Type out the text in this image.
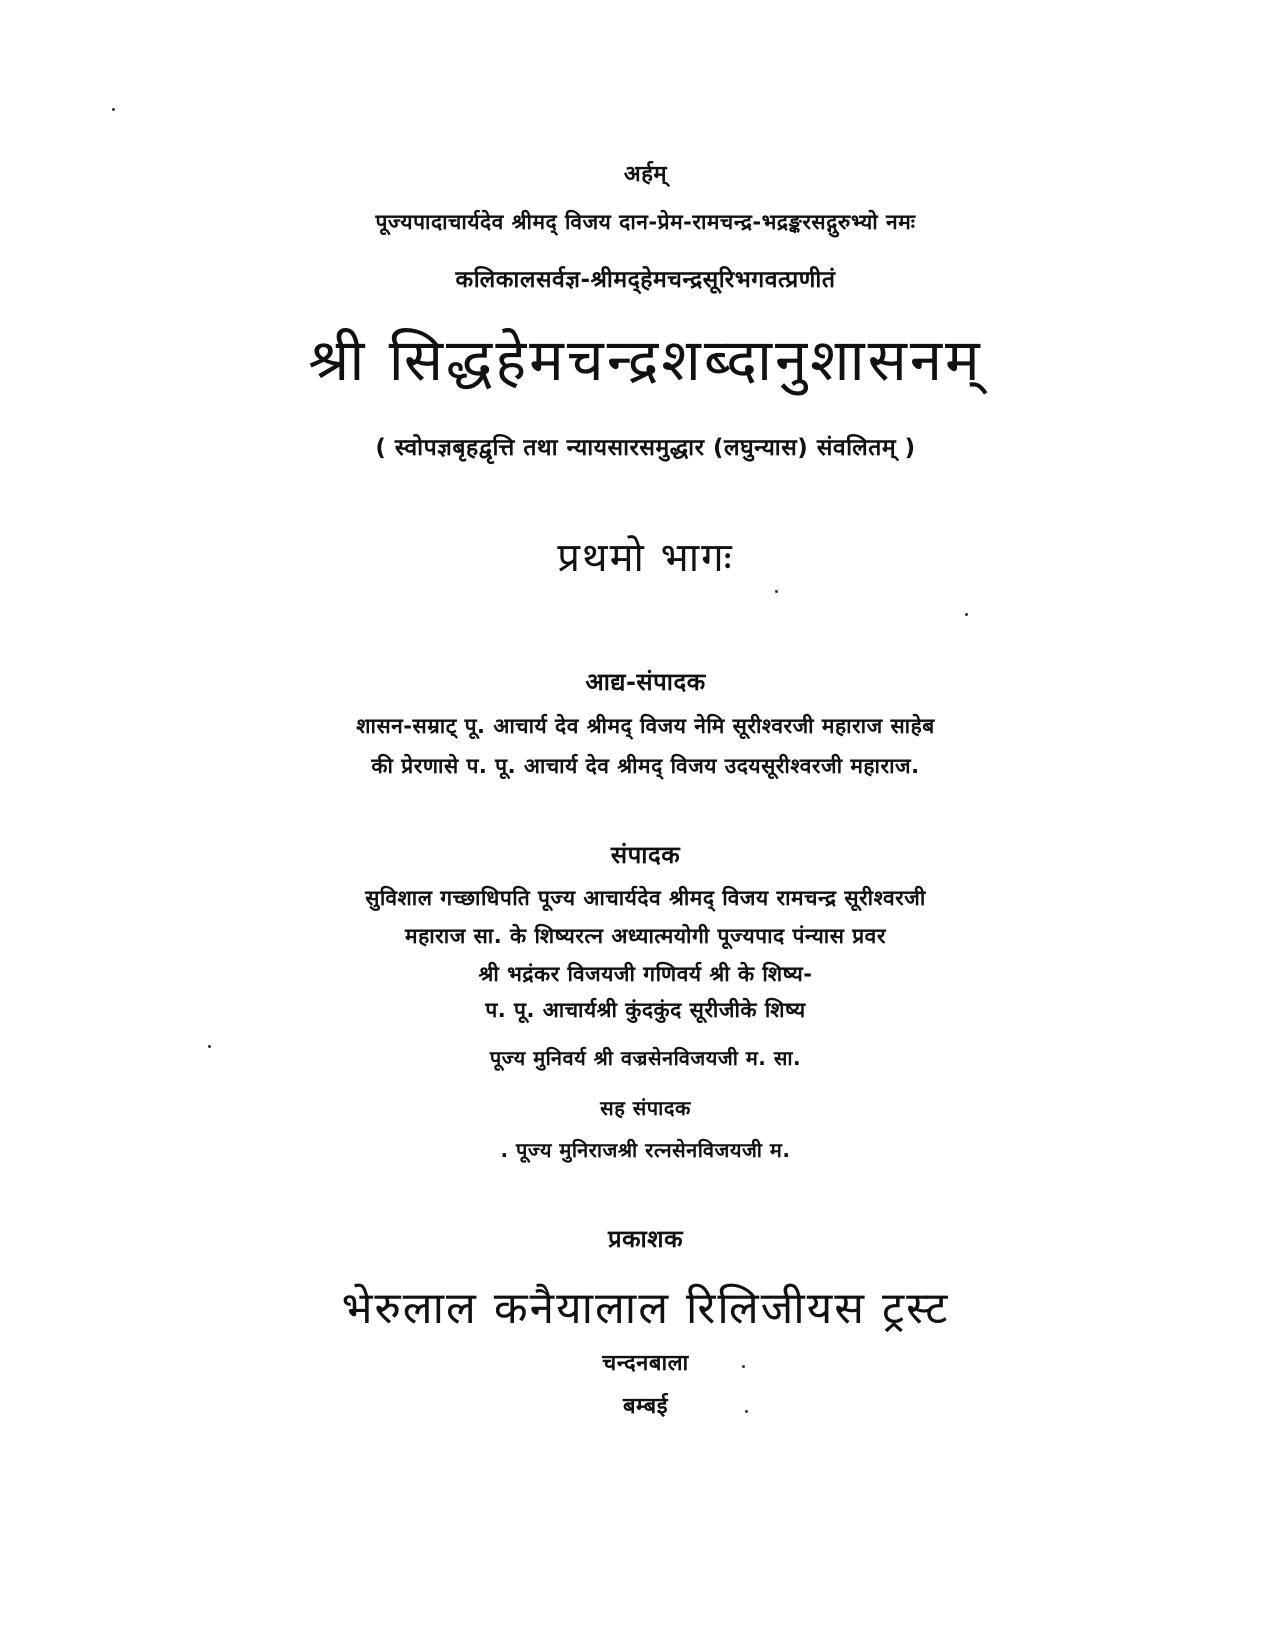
अर्हम्
पूज्यपादाचार्यदेव श्रीमद् विजय दान-प्रेम-रामचन्द्र-भद्रङ्करसद्गुरुभ्यो नमः
कलिकालसर्वज्ञ-श्रीमद्हेमचन्द्रसूरिभगवत्प्रणीतं
श्री सिद्धहेमचन्द्रशब्दानुशासनम्
( स्वोपज्ञबृहद्वृत्ति तथा न्यायसारसमुद्धार (लघुन्यास) संवलितम् )
प्रथमो भागः
आद्य-संपादक
शासन-सम्राट् पू. आचार्य देव श्रीमद् विजय नेमि सूरीश्वरजी महाराज साहेब
की प्रेरणासे प. पू. आचार्य देव श्रीमद् विजय उदयसूरीश्वरजी महाराज.
संपादक
सुविशाल गच्छाधिपति पूज्य आचार्यदेव श्रीमद् विजय रामचन्द्र सूरीश्वरजी
महाराज सा. के शिष्यरत्न अध्यात्मयोगी पूज्यपाद पंन्यास प्रवर
श्री भद्रंकर विजयजी गणिवर्य श्री के शिष्य-
प. पू. आचार्यश्री कुंदकुंद सूरीजीके शिष्य
पूज्य मुनिवर्य श्री वज्रसेनविजयजी म. सा.
सह संपादक
. पूज्य मुनिराजश्री रत्नसेनविजयजी म.
प्रकाशक
भेरुलाल कनैयालाल रिलिजीयस ट्रस्ट
चन्दनबाला
बम्बई
